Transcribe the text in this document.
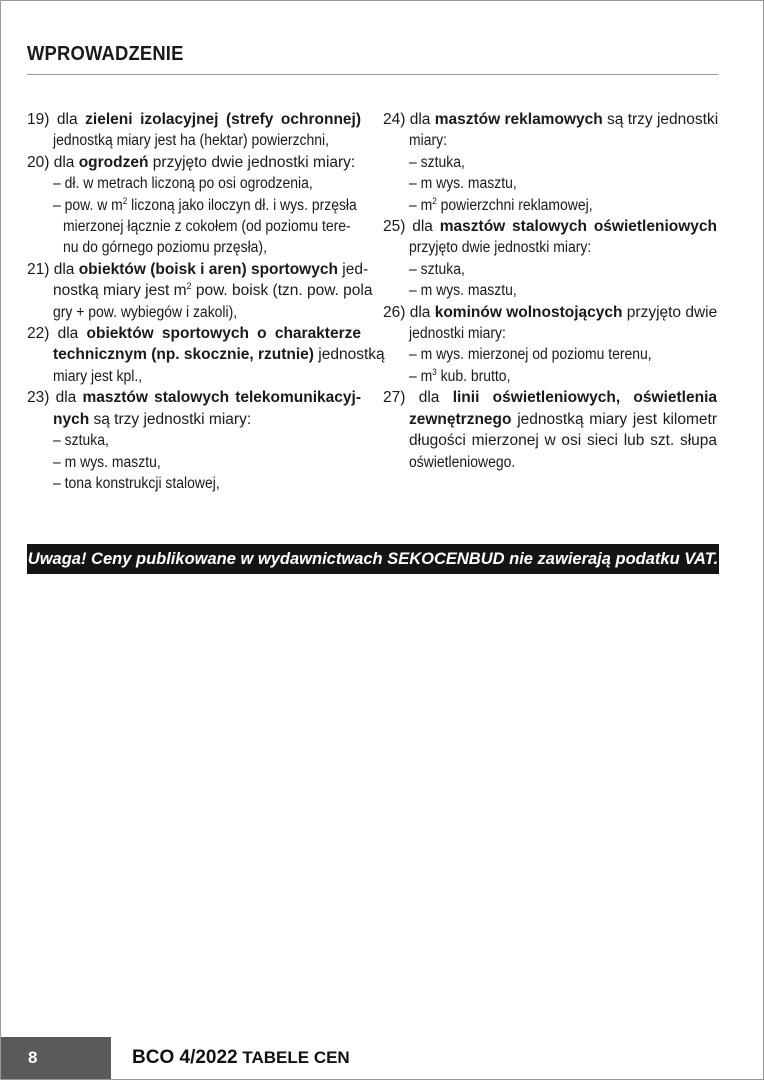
WPROWADZENIE
19) dla zieleni izolacyjnej (strefy ochronnej)
jednostką miary jest ha (hektar) powierzchni,
20) dla ogrodzeń przyjęto dwie jednostki miary:
– dł. w metrach liczoną po osi ogrodzenia,
– pow. w $m^2$ liczoną jako iloczyn dł. i wys. przęsła
mierzonej łącznie z cokołem (od poziomu tere-
nu do górnego poziomu przęsła),
21) dla obiektów (boisk i aren) sportowych jed-
nostką miary jest $m^2$ pow. boisk (tzn. pow. pola
gry + pow. wybiegów i zakoli),
22) dla obiektów sportowych o charakterze
technicznym (np. skocznie, rzutnie) jednostką
miary jest kpl.,
23) dla masztów stalowych telekomunikacyj-
nych są trzy jednostki miary:
– sztuka,
– m wys. masztu,
– tona konstrukcji stalowej,
24) dla masztów reklamowych są trzy jednostki
miary:
– sztuka,
– m wys. masztu,
– $m^2$ powierzchni reklamowej,
25) dla masztów stalowych oświetleniowych
przyjęto dwie jednostki miary:
– sztuka,
– m wys. masztu,
26) dla kominów wolnostojących przyjęto dwie
jednostki miary:
– m wys. mierzonej od poziomu terenu,
– $m^3$ kub. brutto,
27) dla linii oświetleniowych, oświetlenia
zewnętrznego jednostką miary jest kilometr
długości mierzonej w osi sieci lub szt. słupa
oświetleniowego.
Uwaga! Ceny publikowane w wydawnictwach SEKOCENBUD nie zawierają podatku VAT.
8	BCO 4/2022 TABELE CEN
